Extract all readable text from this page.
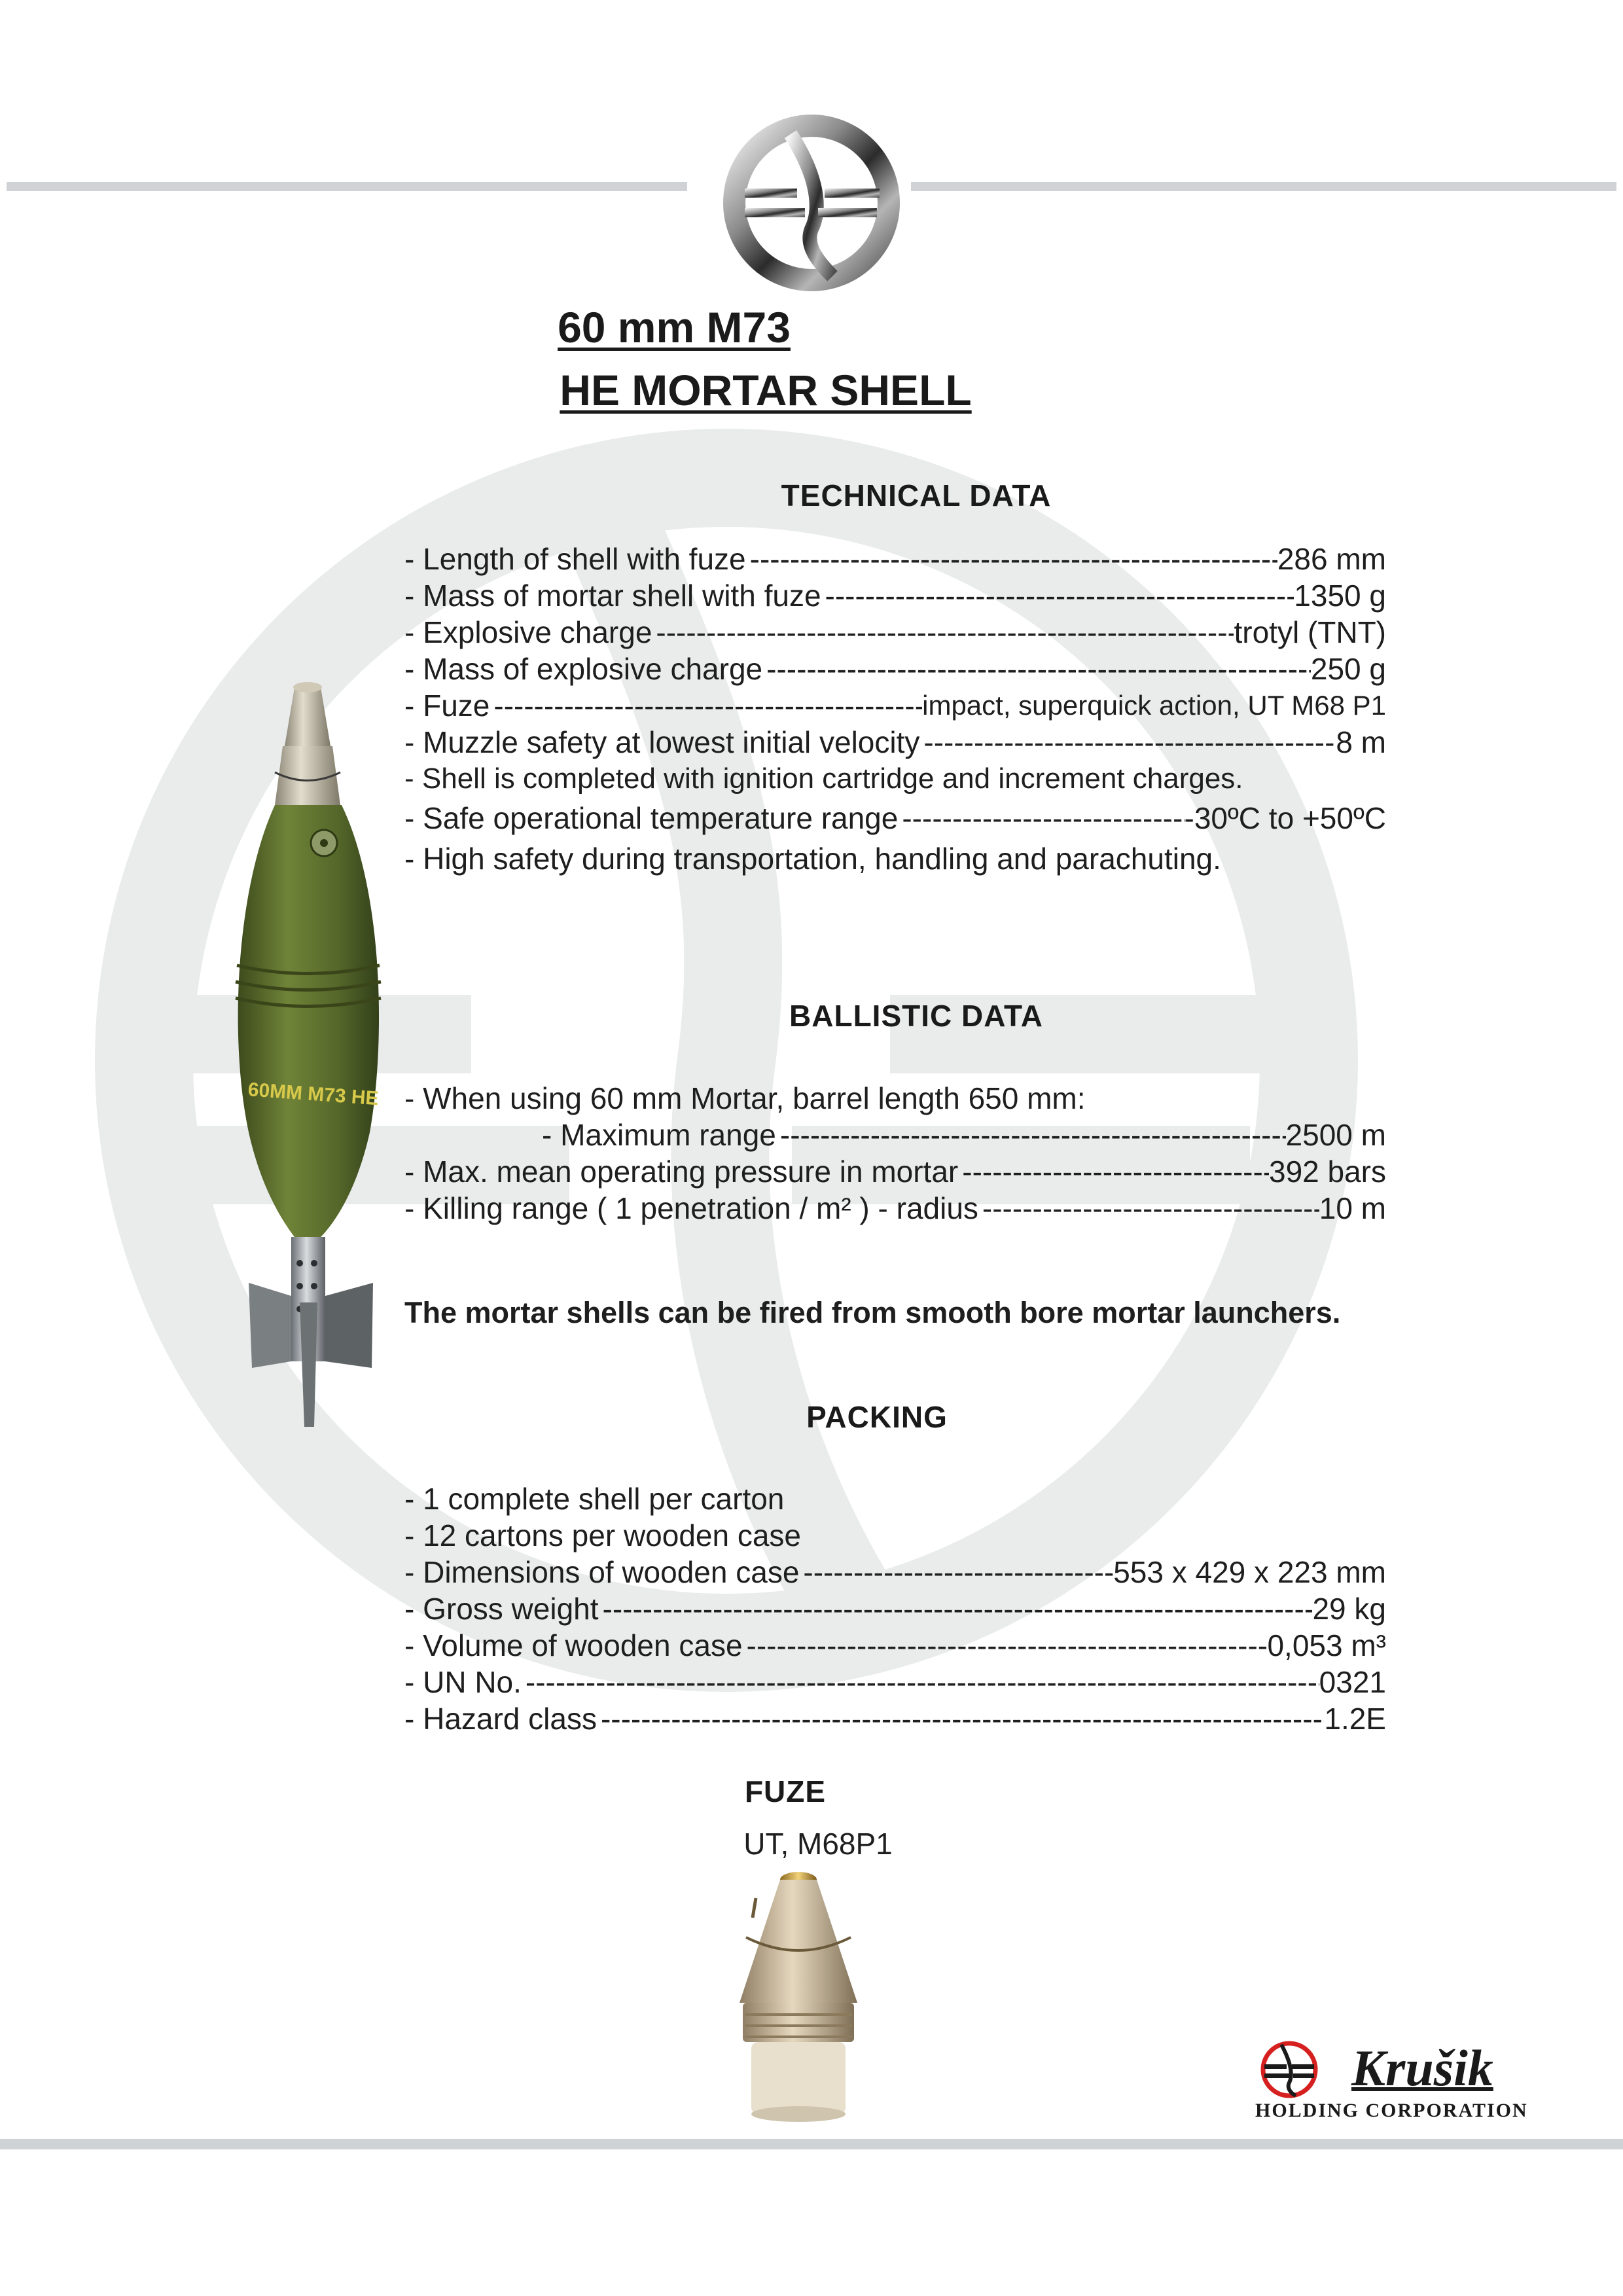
60 mm M73
HE MORTAR SHELL
TECHNICAL DATA
- Length of shell with fuze -----	286 mm
- Mass of mortar shell with fuze -----	1350 g
- Explosive charge -----	trotyl (TNT)
- Mass of explosive charge -----	250 g
- Fuze -----	impact, superquick action, UT M68 P1
- Muzzle safety at lowest initial velocity -----	8 m
- Shell is completed with ignition cartridge and increment charges.
- Safe operational temperature range -----	-30ºC to +50ºC
- High safety during transportation, handling and parachuting.
BALLISTIC DATA
- When using 60 mm Mortar, barrel length 650 mm:
- Maximum range -----	2500 m
- Max. mean operating pressure in mortar -----	392 bars
- Killing range ( 1 penetration / m² ) - radius -----	10 m
The mortar shells can be fired from smooth bore mortar launchers.
PACKING
- 1 complete shell per carton
- 12 cartons per wooden case
- Dimensions of wooden case -----	553 x 429 x 223 mm
- Gross weight -----	29 kg
- Volume of wooden case -----	0,053 m³
- UN No. -----	0321
- Hazard class -----	1.2E
FUZE
UT, M68P1
60MM M73 HE
Krušik
HOLDING CORPORATION
